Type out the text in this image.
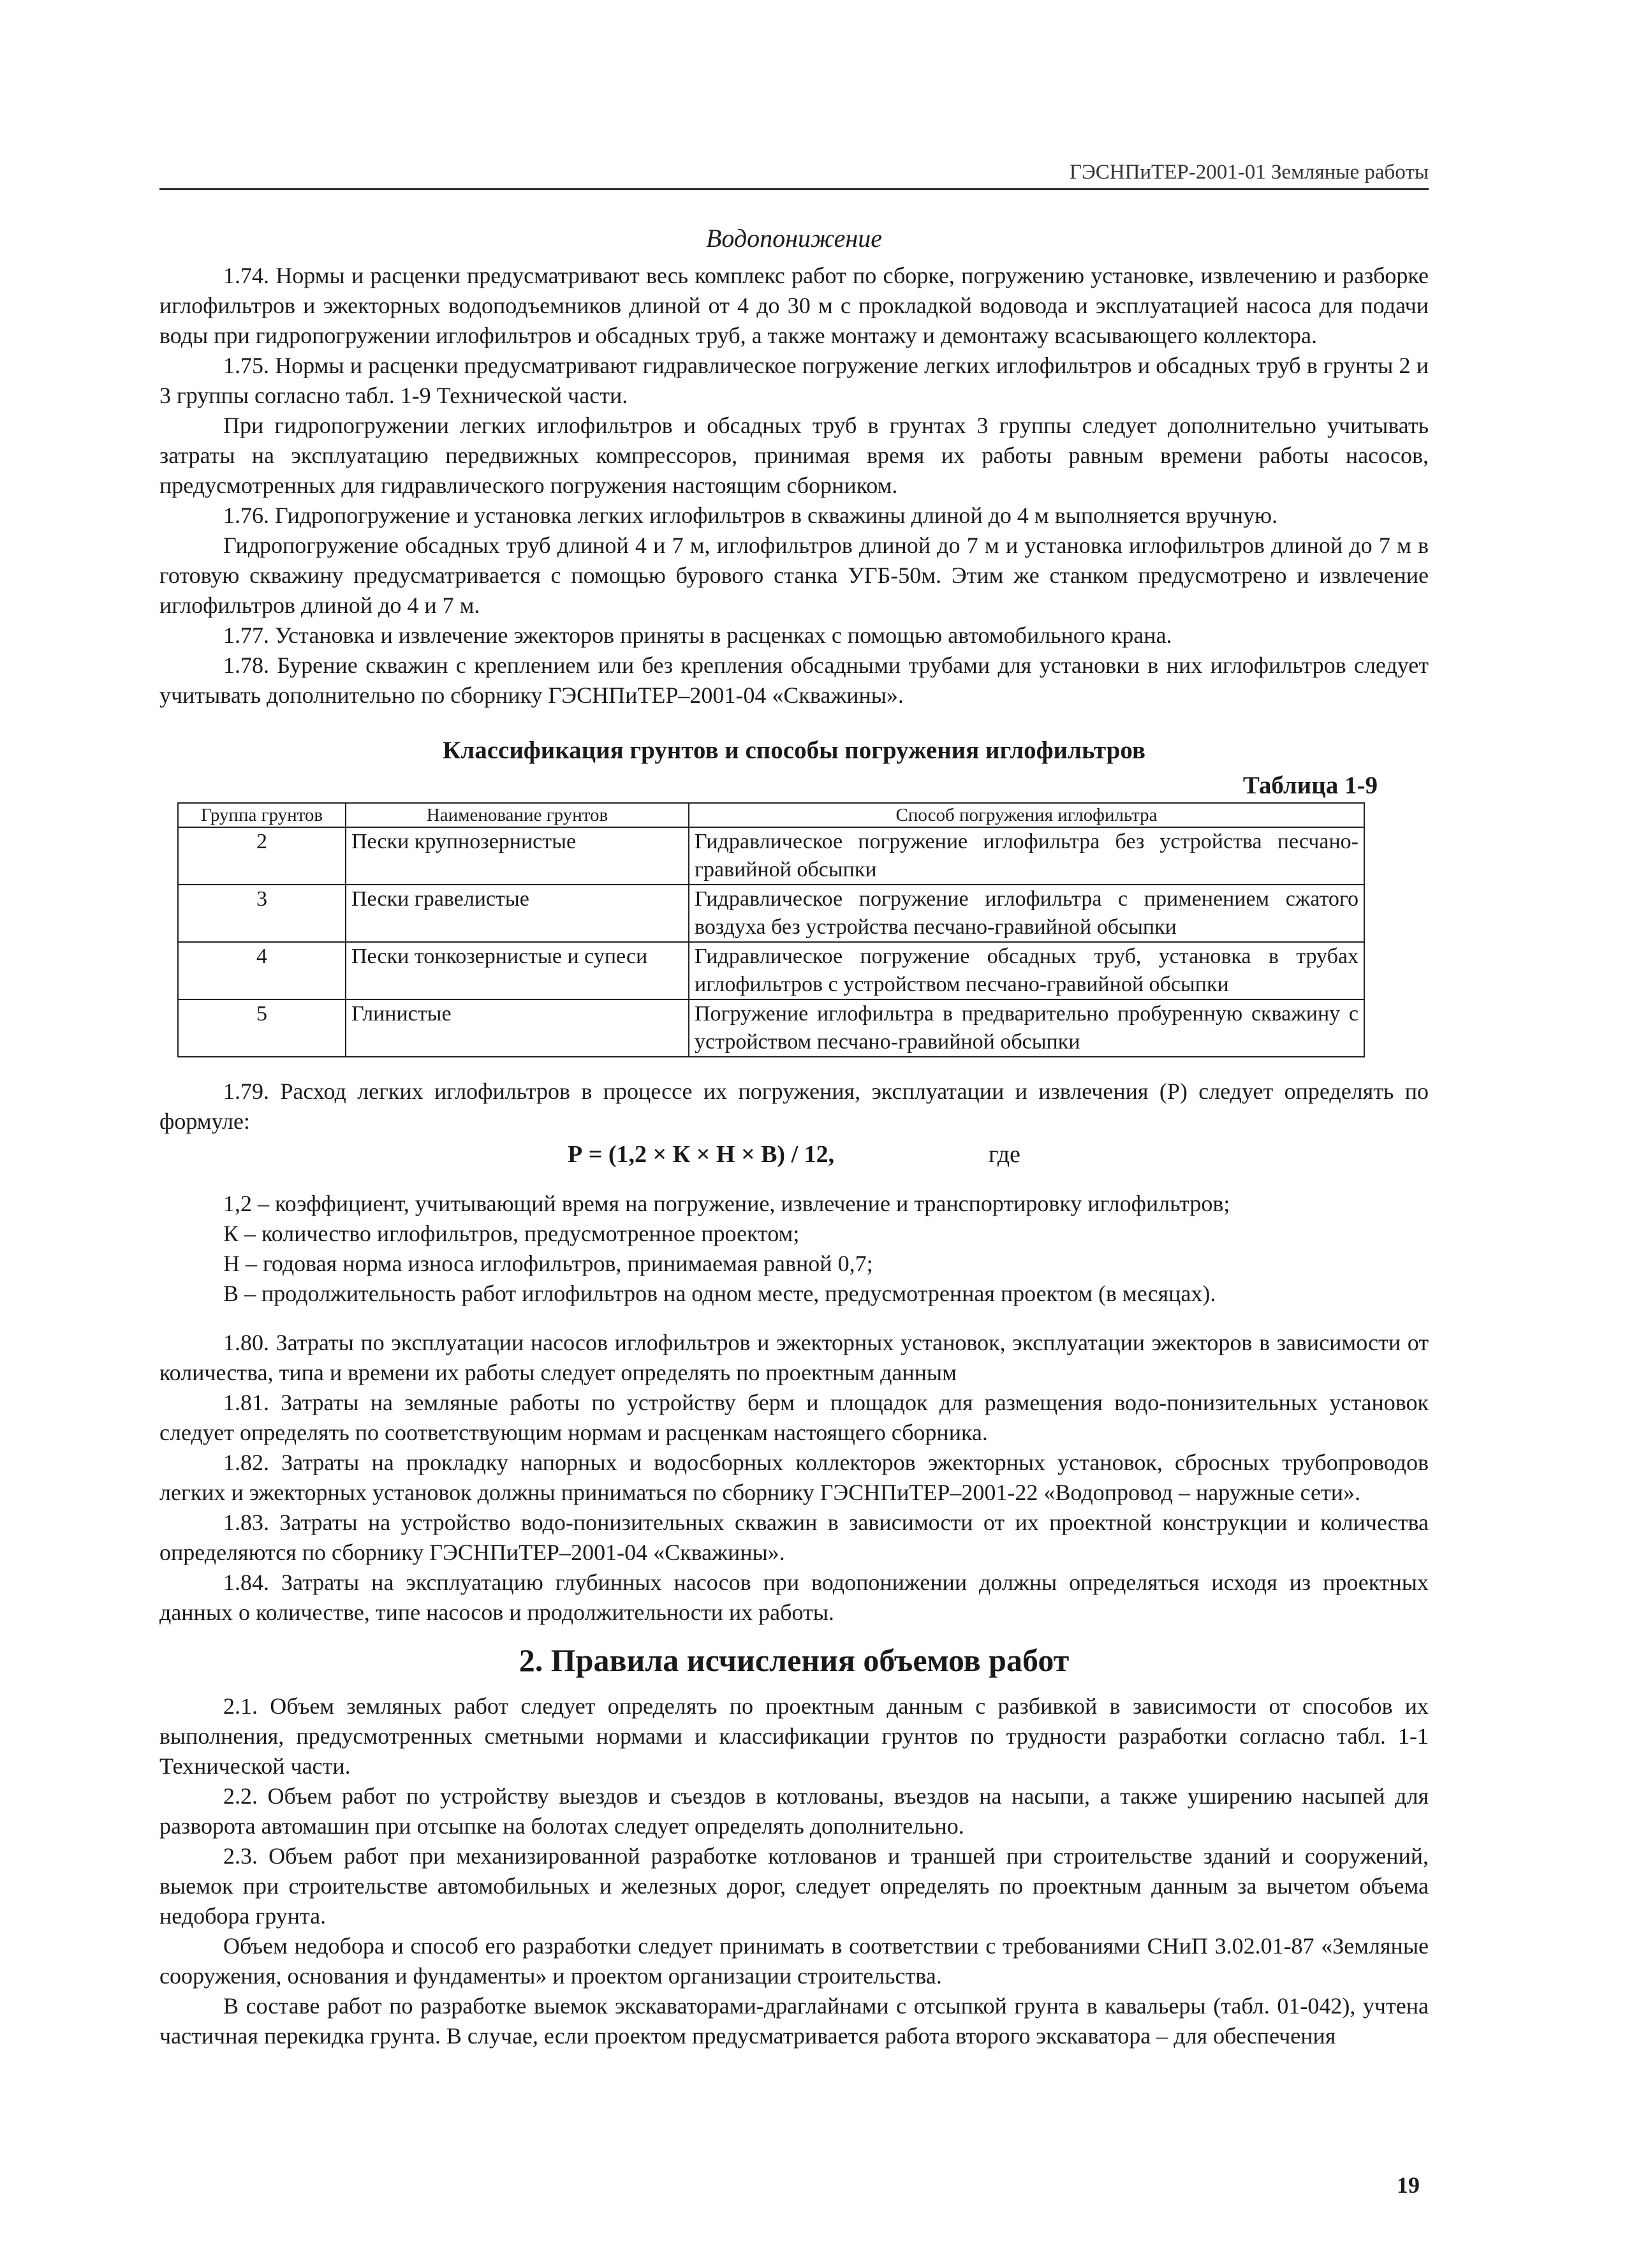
ГЭСНПиТЕР-2001-01 Земляные работы
Водопонижение

1.74. Нормы и расценки предусматривают весь комплекс работ по сборке, погружению установке, извлечению и разборке иглофильтров и эжекторных водоподъемников длиной от 4 до 30 м с прокладкой водовода и эксплуатацией насоса для подачи воды при гидропогружении иглофильтров и обсадных труб, а также монтажу и демонтажу всасывающего коллектора.

1.75. Нормы и расценки предусматривают гидравлическое погружение легких иглофильтров и обсадных труб в грунты 2 и 3 группы согласно табл. 1-9 Технической части.

При гидропогружении легких иглофильтров и обсадных труб в грунтах 3 группы следует дополнительно учитывать затраты на эксплуатацию передвижных компрессоров, принимая время их работы равным времени работы насосов, предусмотренных для гидравлического погружения настоящим сборником.

1.76. Гидропогружение и установка легких иглофильтров в скважины длиной до 4 м выполняется вручную.

Гидропогружение обсадных труб длиной 4 и 7 м, иглофильтров длиной до 7 м и установка иглофильтров длиной до 7 м в готовую скважину предусматривается с помощью бурового станка УГБ-50м. Этим же станком предусмотрено и извлечение иглофильтров длиной до 4 и 7 м.

1.77. Установка и извлечение эжекторов приняты в расценках с помощью автомобильного крана.

1.78. Бурение скважин с креплением или без крепления обсадными трубами для установки в них иглофильтров следует учитывать дополнительно по сборнику ГЭСНПиТЕР–2001-04 «Скважины».

Классификация грунтов и способы погружения иглофильтров
Таблица 1-9
Группа грунтов	Наименование грунтов	Способ погружения иглофильтра
2	Пески крупнозернистые	Гидравлическое погружение иглофильтра без устройства песчано-гравийной обсыпки
3	Пески гравелистые	Гидравлическое погружение иглофильтра с применением сжатого воздуха без устройства песчано-гравийной обсыпки
4	Пески тонкозернистые и супеси	Гидравлическое погружение обсадных труб, установка в трубах иглофильтров с устройством песчано-гравийной обсыпки
5	Глинистые	Погружение иглофильтра в предварительно пробуренную скважину с устройством песчано-гравийной обсыпки

1.79. Расход легких иглофильтров в процессе их погружения, эксплуатации и извлечения (Р) следует определять по формуле:

Р = (1,2 × К × Н × В) / 12,	где

1,2 – коэффициент, учитывающий время на погружение, извлечение и транспортировку иглофильтров;

К – количество иглофильтров, предусмотренное проектом;

Н – годовая норма износа иглофильтров, принимаемая равной 0,7;

В – продолжительность работ иглофильтров на одном месте, предусмотренная проектом (в месяцах).

1.80. Затраты по эксплуатации насосов иглофильтров и эжекторных установок, эксплуатации эжекторов в зависимости от количества, типа и времени их работы следует определять по проектным данным

1.81. Затраты на земляные работы по устройству берм и площадок для размещения водо-понизительных установок следует определять по соответствующим нормам и расценкам настоящего сборника.

1.82. Затраты на прокладку напорных и водосборных коллекторов эжекторных установок, сбросных трубопроводов легких и эжекторных установок должны приниматься по сборнику ГЭСНПиТЕР–2001-22 «Водопровод – наружные сети».

1.83. Затраты на устройство водо-понизительных скважин в зависимости от их проектной конструкции и количества определяются по сборнику ГЭСНПиТЕР–2001-04 «Скважины».

1.84. Затраты на эксплуатацию глубинных насосов при водопонижении должны определяться исходя из проектных данных о количестве, типе насосов и продолжительности их работы.

2. Правила исчисления объемов работ

2.1. Объем земляных работ следует определять по проектным данным с разбивкой в зависимости от способов их выполнения, предусмотренных сметными нормами и классификации грунтов по трудности разработки согласно табл. 1-1 Технической части.

2.2. Объем работ по устройству выездов и съездов в котлованы, въездов на насыпи, а также уширению насыпей для разворота автомашин при отсыпке на болотах следует определять дополнительно.

2.3. Объем работ при механизированной разработке котлованов и траншей при строительстве зданий и сооружений, выемок при строительстве автомобильных и железных дорог, следует определять по проектным данным за вычетом объема недобора грунта.

Объем недобора и способ его разработки следует принимать в соответствии с требованиями СНиП 3.02.01-87 «Земляные сооружения, основания и фундаменты» и проектом организации строительства.

В составе работ по разработке выемок экскаваторами-драглайнами с отсыпкой грунта в кавальеры (табл. 01-042), учтена частичная перекидка грунта. В случае, если проектом предусматривается работа второго экскаватора – для обеспечения

19
